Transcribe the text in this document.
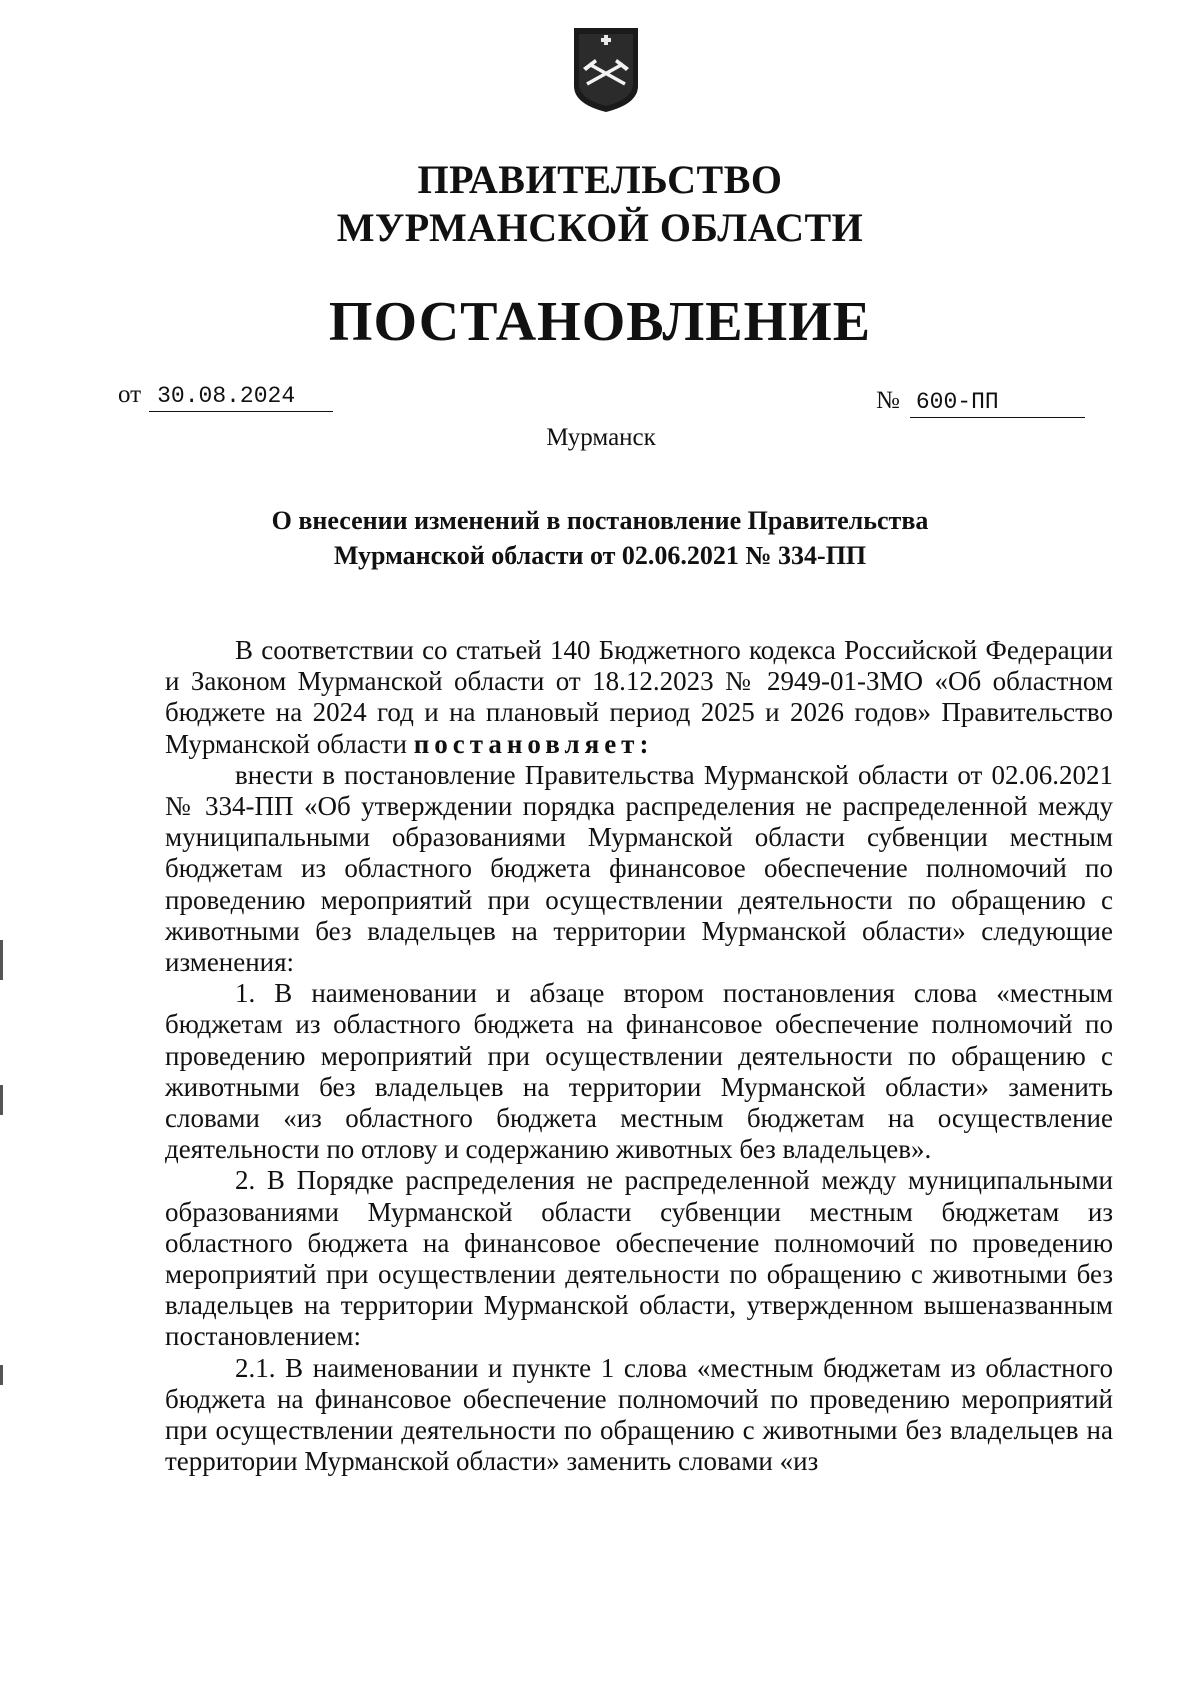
ПРАВИТЕЛЬСТВО
МУРМАНСКОЙ ОБЛАСТИ
ПОСТАНОВЛЕНИЕ
от 30.08.2024	№ 600-ПП
Мурманск
О внесении изменений в постановление Правительства
Мурманской области от 02.06.2021 № 334-ПП

В соответствии со статьей 140 Бюджетного кодекса Российской Федерации и Законом Мурманской области от 18.12.2023 № 2949-01-ЗМО «Об областном бюджете на 2024 год и на плановый период 2025 и 2026 годов» Правительство Мурманской области постановляет:

внести в постановление Правительства Мурманской области от 02.06.2021 № 334-ПП «Об утверждении порядка распределения не распределенной между муниципальными образованиями Мурманской области субвенции местным бюджетам из областного бюджета финансовое обеспечение полномочий по проведению мероприятий при осуществлении деятельности по обращению с животными без владельцев на территории Мурманской области» следующие изменения:

1. В наименовании и абзаце втором постановления слова «местным бюджетам из областного бюджета на финансовое обеспечение полномочий по проведению мероприятий при осуществлении деятельности по обращению с животными без владельцев на территории Мурманской области» заменить словами «из областного бюджета местным бюджетам на осуществление деятельности по отлову и содержанию животных без владельцев».

2. В Порядке распределения не распределенной между муниципальными образованиями Мурманской области субвенции местным бюджетам из областного бюджета на финансовое обеспечение полномочий по проведению мероприятий при осуществлении деятельности по обращению с животными без владельцев на территории Мурманской области, утвержденном вышеназванным постановлением:

2.1. В наименовании и пункте 1 слова «местным бюджетам из областного бюджета на финансовое обеспечение полномочий по проведению мероприятий при осуществлении деятельности по обращению с животными без владельцев на территории Мурманской области» заменить словами «из
